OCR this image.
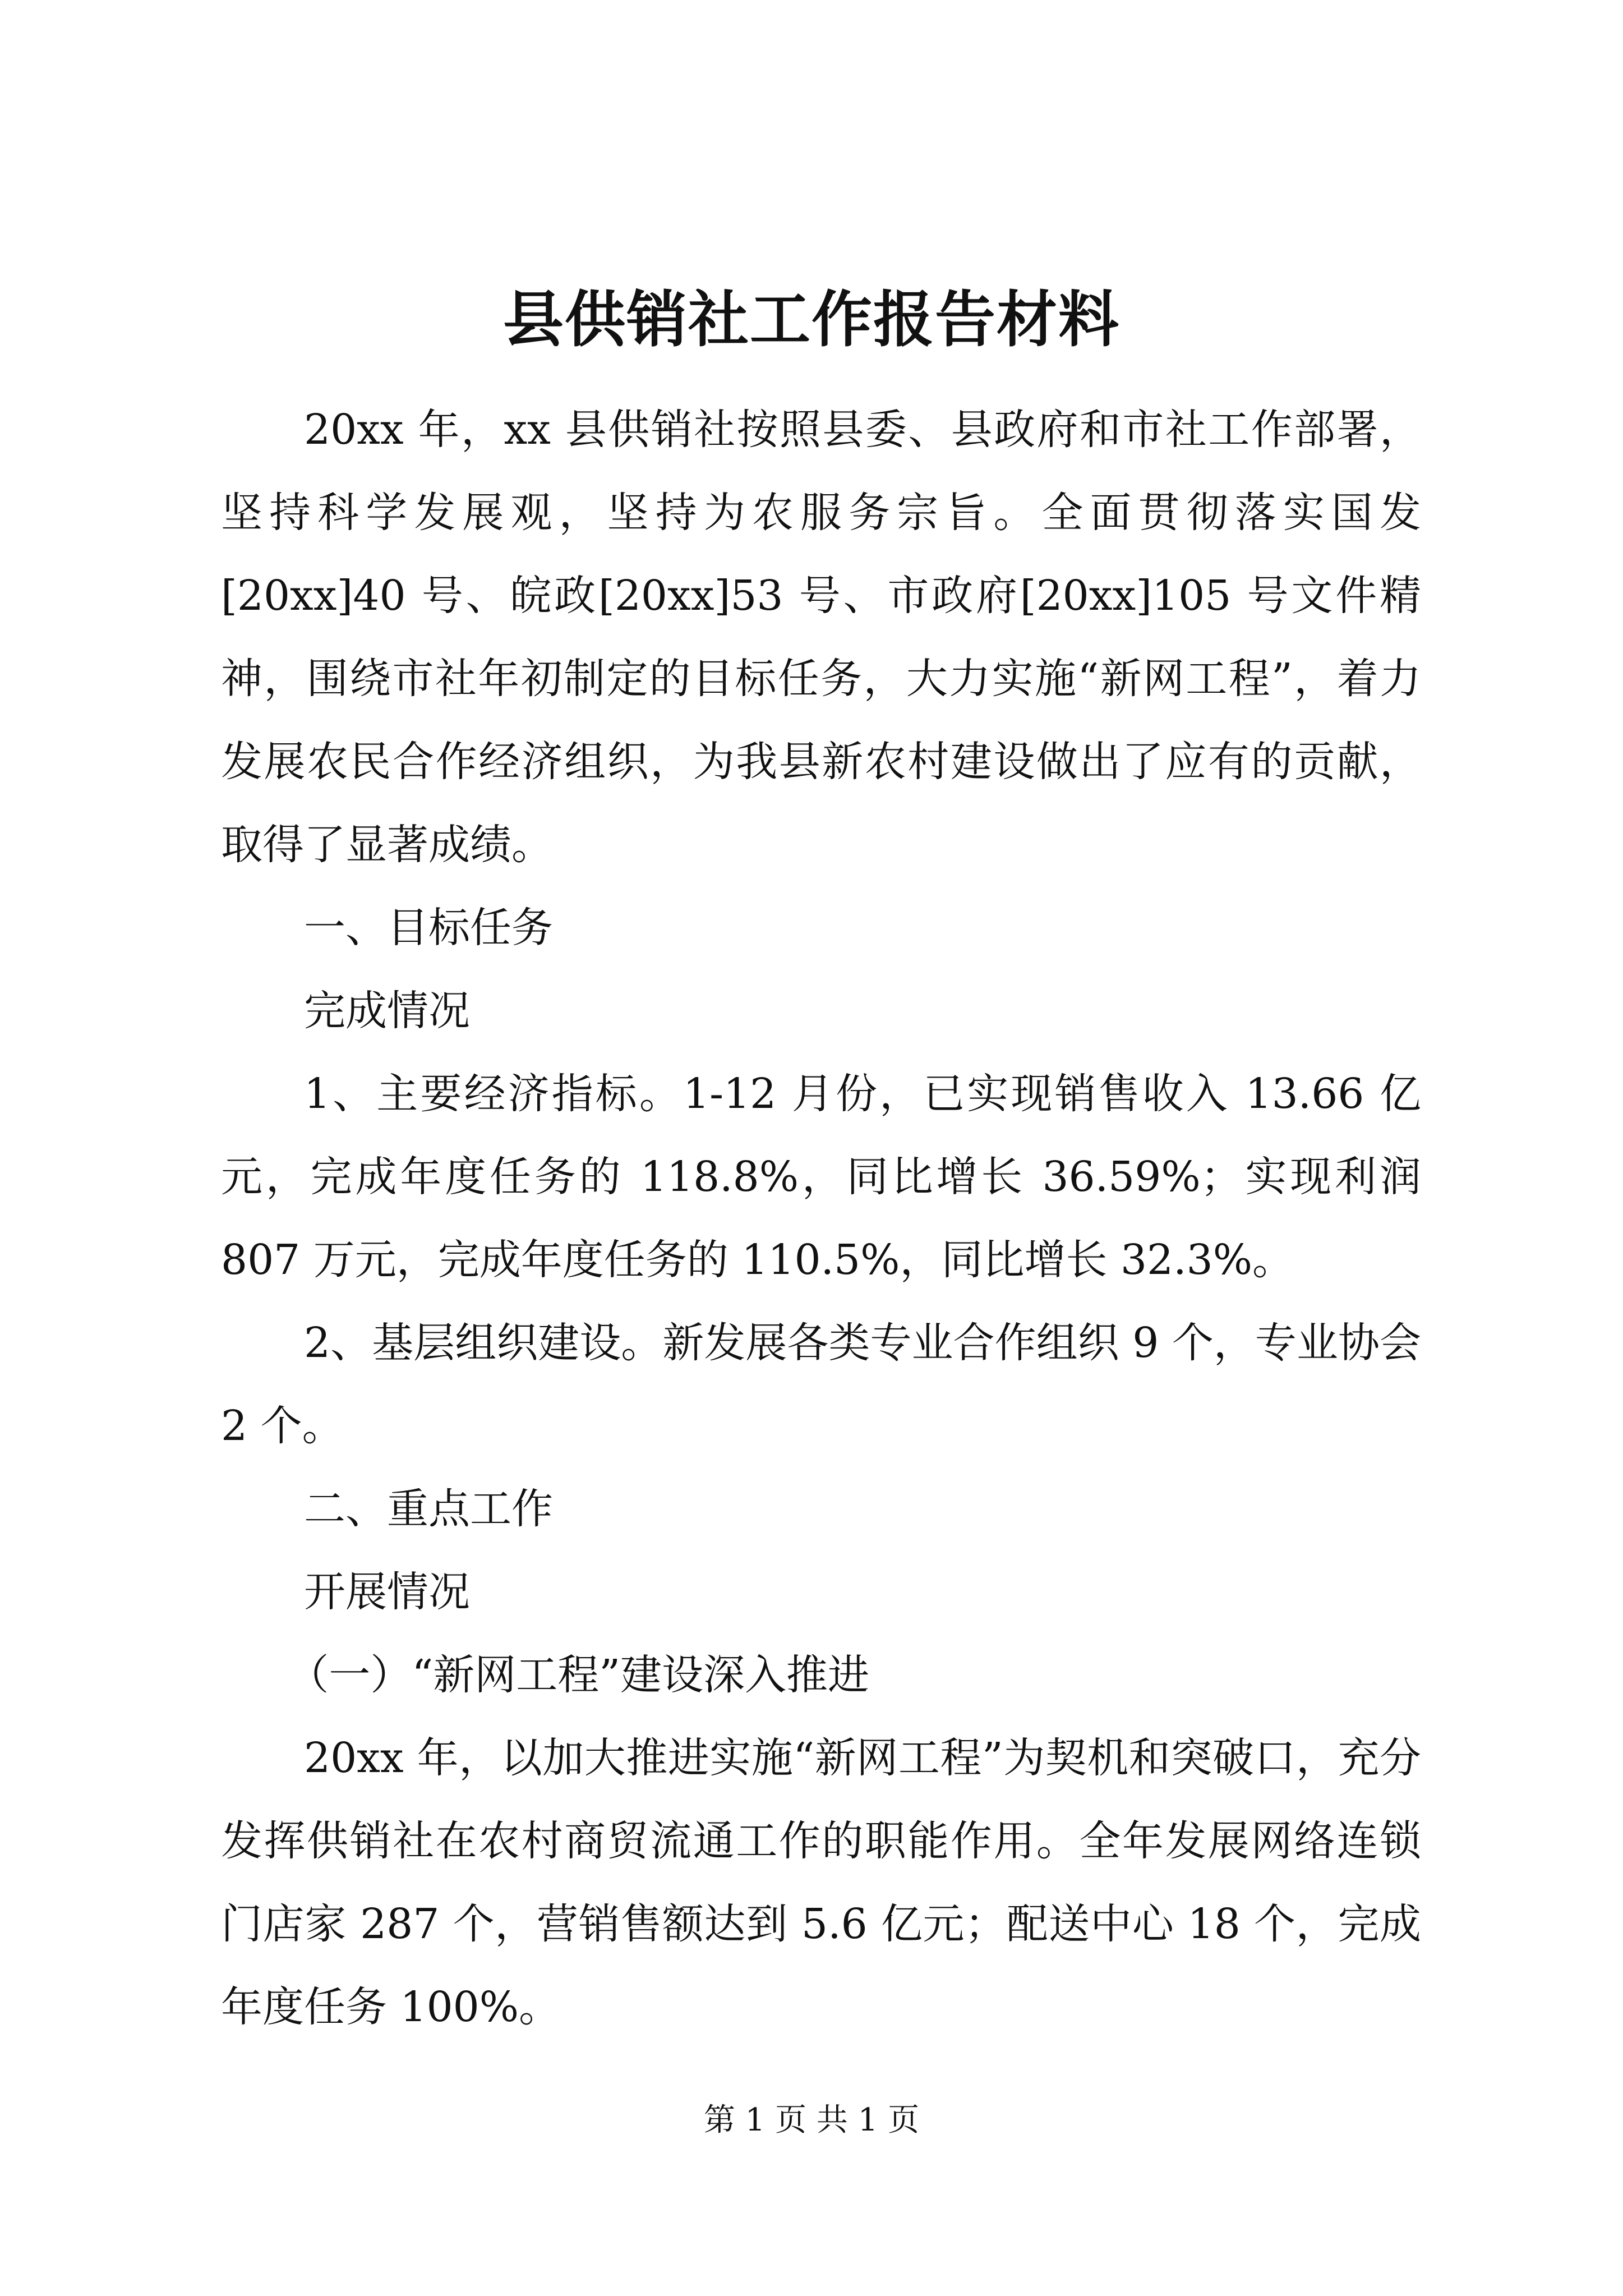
县供销社工作报告材料

20xx 年，xx 县供销社按照县委、县政府和市社工作部署，坚持科学发展观，坚持为农服务宗旨。全面贯彻落实国发[20xx]40 号、皖政[20xx]53 号、市政府[20xx]105 号文件精神，围绕市社年初制定的目标任务，大力实施“新网工程”，着力发展农民合作经济组织，为我县新农村建设做出了应有的贡献，取得了显著成绩。

一、目标任务

完成情况

1、主要经济指标。1-12 月份，已实现销售收入 13.66 亿元，完成年度任务的 118.8%，同比增长 36.59%；实现利润 807 万元，完成年度任务的 110.5%，同比增长 32.3%。

2、基层组织建设。新发展各类专业合作组织 9 个，专业协会 2 个。

二、重点工作

开展情况

（一）“新网工程”建设深入推进

20xx 年，以加大推进实施“新网工程”为契机和突破口，充分发挥供销社在农村商贸流通工作的职能作用。全年发展网络连锁门店家 287 个，营销售额达到 5.6 亿元；配送中心 18 个，完成年度任务 100%。

第 1 页 共 1 页
